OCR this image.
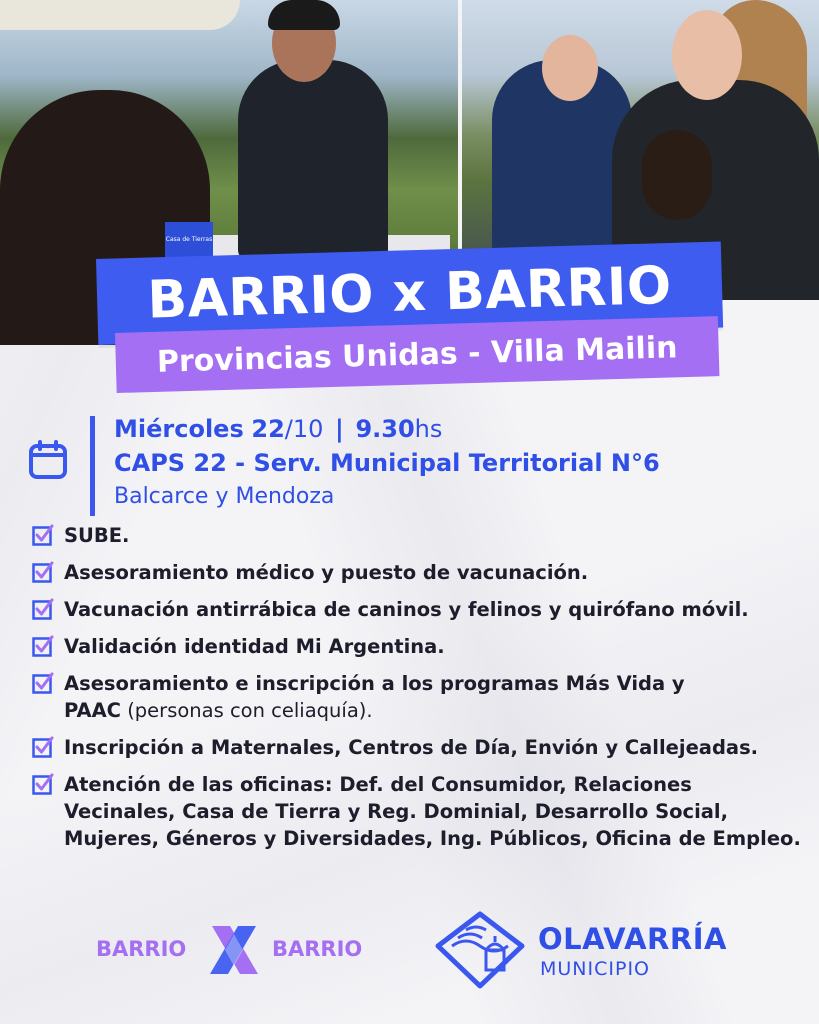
Casa de Tierras
BARRIO x BARRIO
Provincias Unidas - Villa Mailin
Miércoles 22/10 | 9.30hs
CAPS 22 - Serv. Municipal Territorial N°6
Balcarce y Mendoza
SUBE.
Asesoramiento médico y puesto de vacunación.
Vacunación antirrábica de caninos y felinos y quirófano móvil.
Validación identidad Mi Argentina.
Asesoramiento e inscripción a los programas Más Vida y
PAAC (personas con celiaquía).
Inscripción a Maternales, Centros de Día, Envión y Callejeadas.
Atención de las oficinas: Def. del Consumidor, Relaciones Vecinales, Casa de Tierra y Reg. Dominial, Desarrollo Social, Mujeres, Géneros y Diversidades, Ing. Públicos, Oficina de Empleo.
BARRIO	BARRIO	OLAVARRÍA
MUNICIPIO
